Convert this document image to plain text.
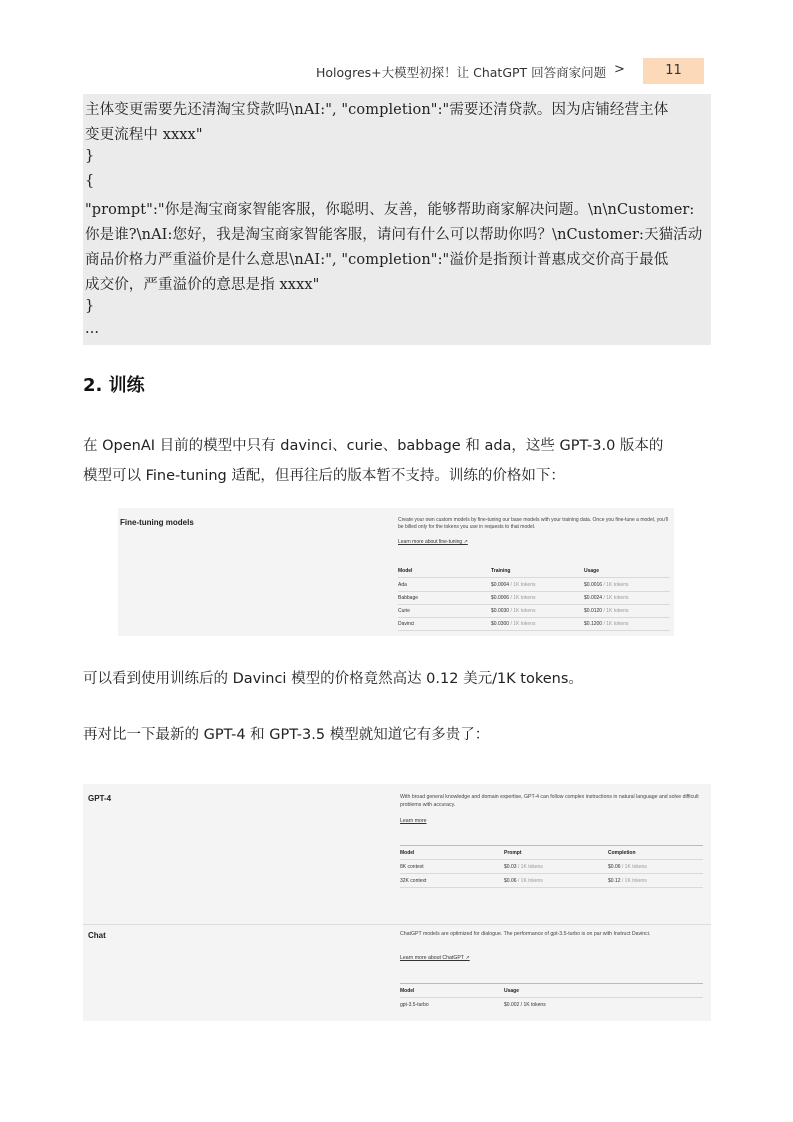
Hologres+大模型初探！让 ChatGPT 回答商家问题 >	11
主体变更需要先还清淘宝贷款吗\nAI:", "completion":"需要还清贷款。因为店铺经营主体
变更流程中 xxxx"
}
{
"prompt":"你是淘宝商家智能客服，你聪明、友善，能够帮助商家解决问题。\n\nCustomer:
你是谁?\nAI:您好，我是淘宝商家智能客服，请问有什么可以帮助你吗？\nCustomer:天猫活动
商品价格力严重溢价是什么意思\nAI:", "completion":"溢价是指预计普惠成交价高于最低
成交价，严重溢价的意思是指 xxxx"
}
...
2. 训练
在 OpenAI 目前的模型中只有 davinci、curie、babbage 和 ada，这些 GPT-3.0 版本的
模型可以 Fine-tuning 适配，但再往后的版本暂不支持。训练的价格如下：
Fine-tuning models	Create your own custom models by fine-tuning our base models with your training data. Once you fine-tune a model, you'll be billed only for the tokens you use in requests to that model.
Learn more about fine-tuning ↗
Model	Training	Usage
Ada	$0.0004 / 1K tokens	$0.0016 / 1K tokens
Babbage	$0.0006 / 1K tokens	$0.0024 / 1K tokens
Curie	$0.0030 / 1K tokens	$0.0120 / 1K tokens
Davinci	$0.0300 / 1K tokens	$0.1200 / 1K tokens
可以看到使用训练后的 Davinci 模型的价格竟然高达 0.12 美元/1K tokens。
再对比一下最新的 GPT-4 和 GPT-3.5 模型就知道它有多贵了：
GPT-4	With broad general knowledge and domain expertise, GPT-4 can follow complex instructions in natural language and solve difficult problems with accuracy.
Learn more
Model	Prompt	Completion
8K context	$0.03 / 1K tokens	$0.06 / 1K tokens
32K context	$0.06 / 1K tokens	$0.12 / 1K tokens
Chat	ChatGPT models are optimized for dialogue. The performance of gpt-3.5-turbo is on par with Instruct Davinci.
Learn more about ChatGPT ↗
Model	Usage
gpt-3.5-turbo	$0.002 / 1K tokens
